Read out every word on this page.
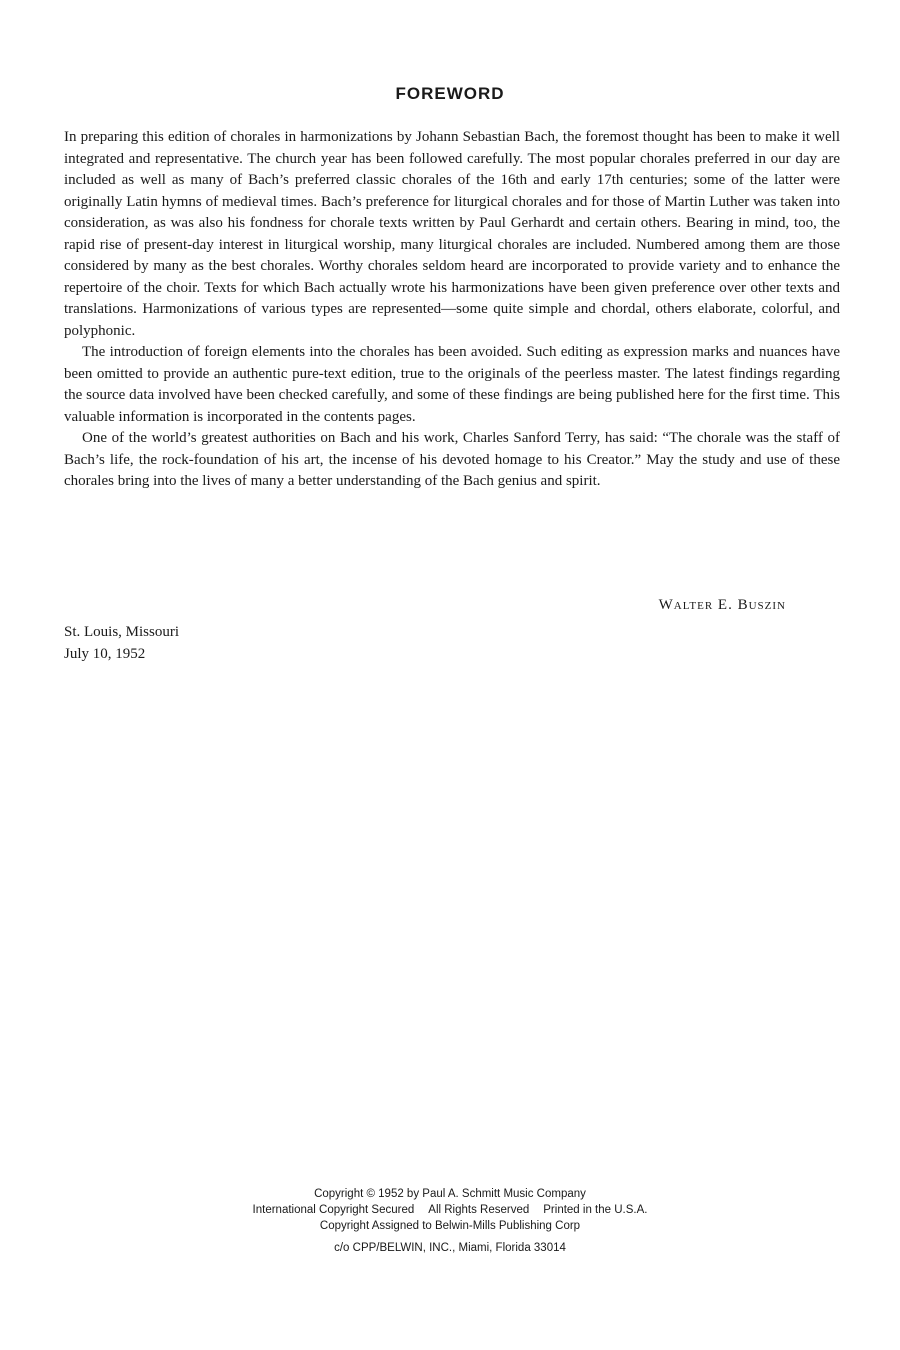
FOREWORD

In preparing this edition of chorales in harmonizations by Johann Sebastian Bach, the foremost thought has been to make it well integrated and representative. The church year has been followed carefully. The most popular chorales preferred in our day are included as well as many of Bach’s preferred classic chorales of the 16th and early 17th centuries; some of the latter were originally Latin hymns of medieval times. Bach’s preference for liturgical chorales and for those of Martin Luther was taken into consideration, as was also his fondness for chorale texts written by Paul Gerhardt and certain others. Bearing in mind, too, the rapid rise of present-day interest in liturgical worship, many liturgical chorales are included. Numbered among them are those considered by many as the best chorales. Worthy chorales seldom heard are incorporated to provide variety and to enhance the repertoire of the choir. Texts for which Bach actually wrote his harmonizations have been given preference over other texts and translations. Harmonizations of various types are represented—some quite simple and chordal, others elaborate, colorful, and polyphonic.

The introduction of foreign elements into the chorales has been avoided. Such editing as expression marks and nuances have been omitted to provide an authentic pure-text edition, true to the originals of the peerless master. The latest findings regarding the source data involved have been checked carefully, and some of these findings are being published here for the first time. This valuable information is incorporated in the contents pages.

One of the world’s greatest authorities on Bach and his work, Charles Sanford Terry, has said: “The chorale was the staff of Bach’s life, the rock-foundation of his art, the incense of his devoted homage to his Creator.” May the study and use of these chorales bring into the lives of many a better understanding of the Bach genius and spirit.

Walter E. Buszin
St. Louis, Missouri
July 10, 1952
Copyright © 1952 by Paul A. Schmitt Music Company
International Copyright Secured All Rights Reserved Printed in the U.S.A.
Copyright Assigned to Belwin-Mills Publishing Corp
c/o CPP/BELWIN, INC., Miami, Florida 33014
